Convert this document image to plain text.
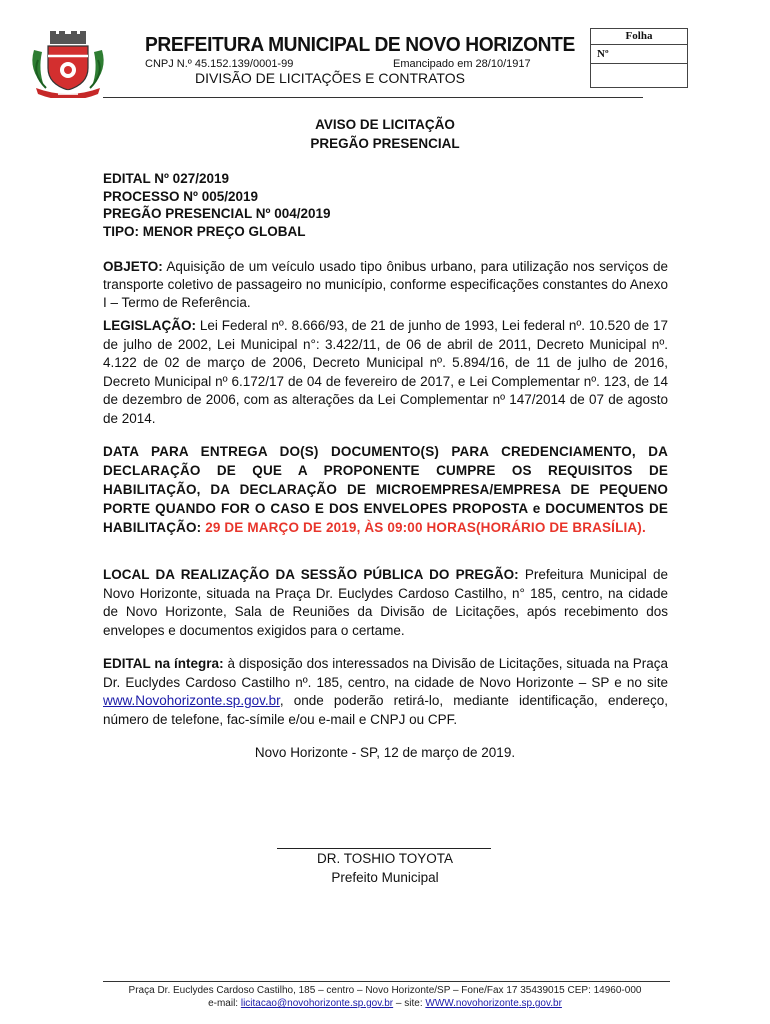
PREFEITURA MUNICIPAL DE NOVO HORIZONTE
CNPJ N.º 45.152.139/0001-99	Emancipado em 28/10/1917
DIVISÃO DE LICITAÇÕES E CONTRATOS
Folha
Nº
AVISO DE LICITAÇÃO
PREGÃO PRESENCIAL
EDITAL Nº 027/2019
PROCESSO Nº 005/2019
PREGÃO PRESENCIAL Nº 004/2019
TIPO: MENOR PREÇO GLOBAL
OBJETO: Aquisição de um veículo usado tipo ônibus urbano, para utilização nos serviços de transporte coletivo de passageiro no município, conforme especificações constantes do Anexo I – Termo de Referência.
LEGISLAÇÃO: Lei Federal nº. 8.666/93, de 21 de junho de 1993, Lei federal nº. 10.520 de 17 de julho de 2002, Lei Municipal n°: 3.422/11, de 06 de abril de 2011, Decreto Municipal nº. 4.122 de 02 de março de 2006, Decreto Municipal nº. 5.894/16, de 11 de julho de 2016, Decreto Municipal nº 6.172/17 de 04 de fevereiro de 2017, e Lei Complementar nº. 123, de 14 de dezembro de 2006, com as alterações da Lei Complementar nº 147/2014 de 07 de agosto de 2014.
DATA PARA ENTREGA DO(S) DOCUMENTO(S) PARA CREDENCIAMENTO, DA DECLARAÇÃO DE QUE A PROPONENTE CUMPRE OS REQUISITOS DE HABILITAÇÃO, DA DECLARAÇÃO DE MICROEMPRESA/EMPRESA DE PEQUENO PORTE QUANDO FOR O CASO E DOS ENVELOPES PROPOSTA e DOCUMENTOS DE HABILITAÇÃO: 29 DE MARÇO DE 2019, ÀS 09:00 HORAS(HORÁRIO DE BRASÍLIA).
LOCAL DA REALIZAÇÃO DA SESSÃO PÚBLICA DO PREGÃO: Prefeitura Municipal de Novo Horizonte, situada na Praça Dr. Euclydes Cardoso Castilho, n° 185, centro, na cidade de Novo Horizonte, Sala de Reuniões da Divisão de Licitações, após recebimento dos envelopes e documentos exigidos para o certame.
EDITAL na íntegra: à disposição dos interessados na Divisão de Licitações, situada na Praça Dr. Euclydes Cardoso Castilho nº. 185, centro, na cidade de Novo Horizonte – SP e no site www.Novohorizonte.sp.gov.br, onde poderão retirá-lo, mediante identificação, endereço, número de telefone, fac-símile e/ou e-mail e CNPJ ou CPF.
Novo Horizonte - SP, 12 de março de 2019.
DR. TOSHIO TOYOTA
Prefeito Municipal
Praça Dr. Euclydes Cardoso Castilho, 185 – centro – Novo Horizonte/SP – Fone/Fax 17 35439015 CEP: 14960-000
e-mail: licitacao@novohorizonte.sp.gov.br – site: WWW.novohorizonte.sp.gov.br
